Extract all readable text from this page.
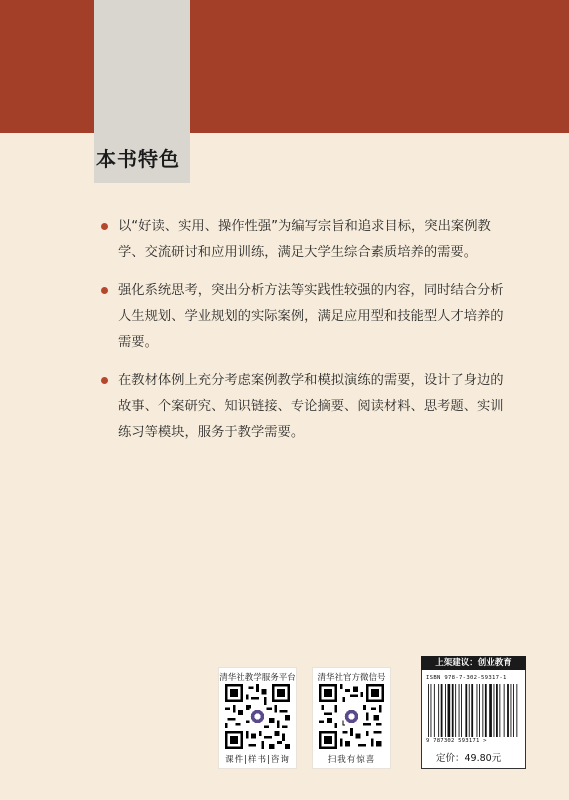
本书特色
以“好读、实用、操作性强”为编写宗旨和追求目标，突出案例教学、交流研讨和应用训练，满足大学生综合素质培养的需要。
强化系统思考，突出分析方法等实践性较强的内容，同时结合分析人生规划、学业规划的实际案例，满足应用型和技能型人才培养的需要。
在教材体例上充分考虑案例教学和模拟演练的需要，设计了身边的故事、个案研究、知识链接、专论摘要、阅读材料、思考题、实训练习等模块，服务于教学需要。
清华社教学服务平台
课件|样书|咨询
清华社官方微信号
扫我有惊喜
上架建议：创业教育
ISBN 978-7-302-59317-1
9 787302 593171 >
定价：49.80元
